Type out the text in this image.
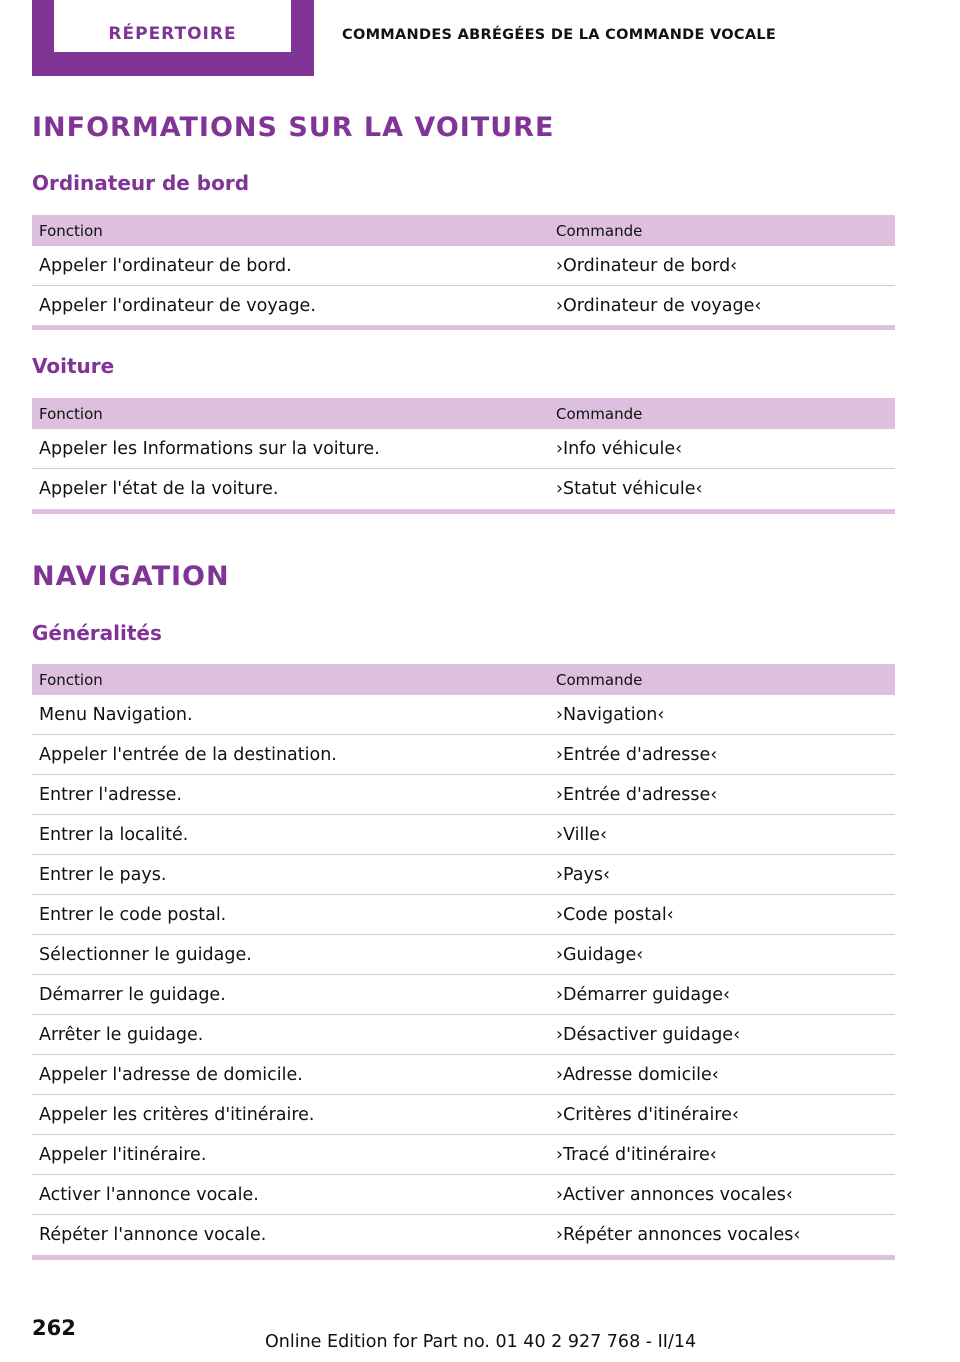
RÉPERTOIRE	COMMANDES ABRÉGÉES DE LA COMMANDE VOCALE
INFORMATIONS SUR LA VOITURE
Ordinateur de bord
Fonction	Commande
Appeler l'ordinateur de bord.	›Ordinateur de bord‹
Appeler l'ordinateur de voyage.	›Ordinateur de voyage‹
Voiture
Fonction	Commande
Appeler les Informations sur la voiture.	›Info véhicule‹
Appeler l'état de la voiture.	›Statut véhicule‹
NAVIGATION
Généralités
Fonction	Commande
Menu Navigation.	›Navigation‹
Appeler l'entrée de la destination.	›Entrée d'adresse‹
Entrer l'adresse.	›Entrée d'adresse‹
Entrer la localité.	›Ville‹
Entrer le pays.	›Pays‹
Entrer le code postal.	›Code postal‹
Sélectionner le guidage.	›Guidage‹
Démarrer le guidage.	›Démarrer guidage‹
Arrêter le guidage.	›Désactiver guidage‹
Appeler l'adresse de domicile.	›Adresse domicile‹
Appeler les critères d'itinéraire.	›Critères d'itinéraire‹
Appeler l'itinéraire.	›Tracé d'itinéraire‹
Activer l'annonce vocale.	›Activer annonces vocales‹
Répéter l'annonce vocale.	›Répéter annonces vocales‹
262
Online Edition for Part no. 01 40 2 927 768 - II/14
